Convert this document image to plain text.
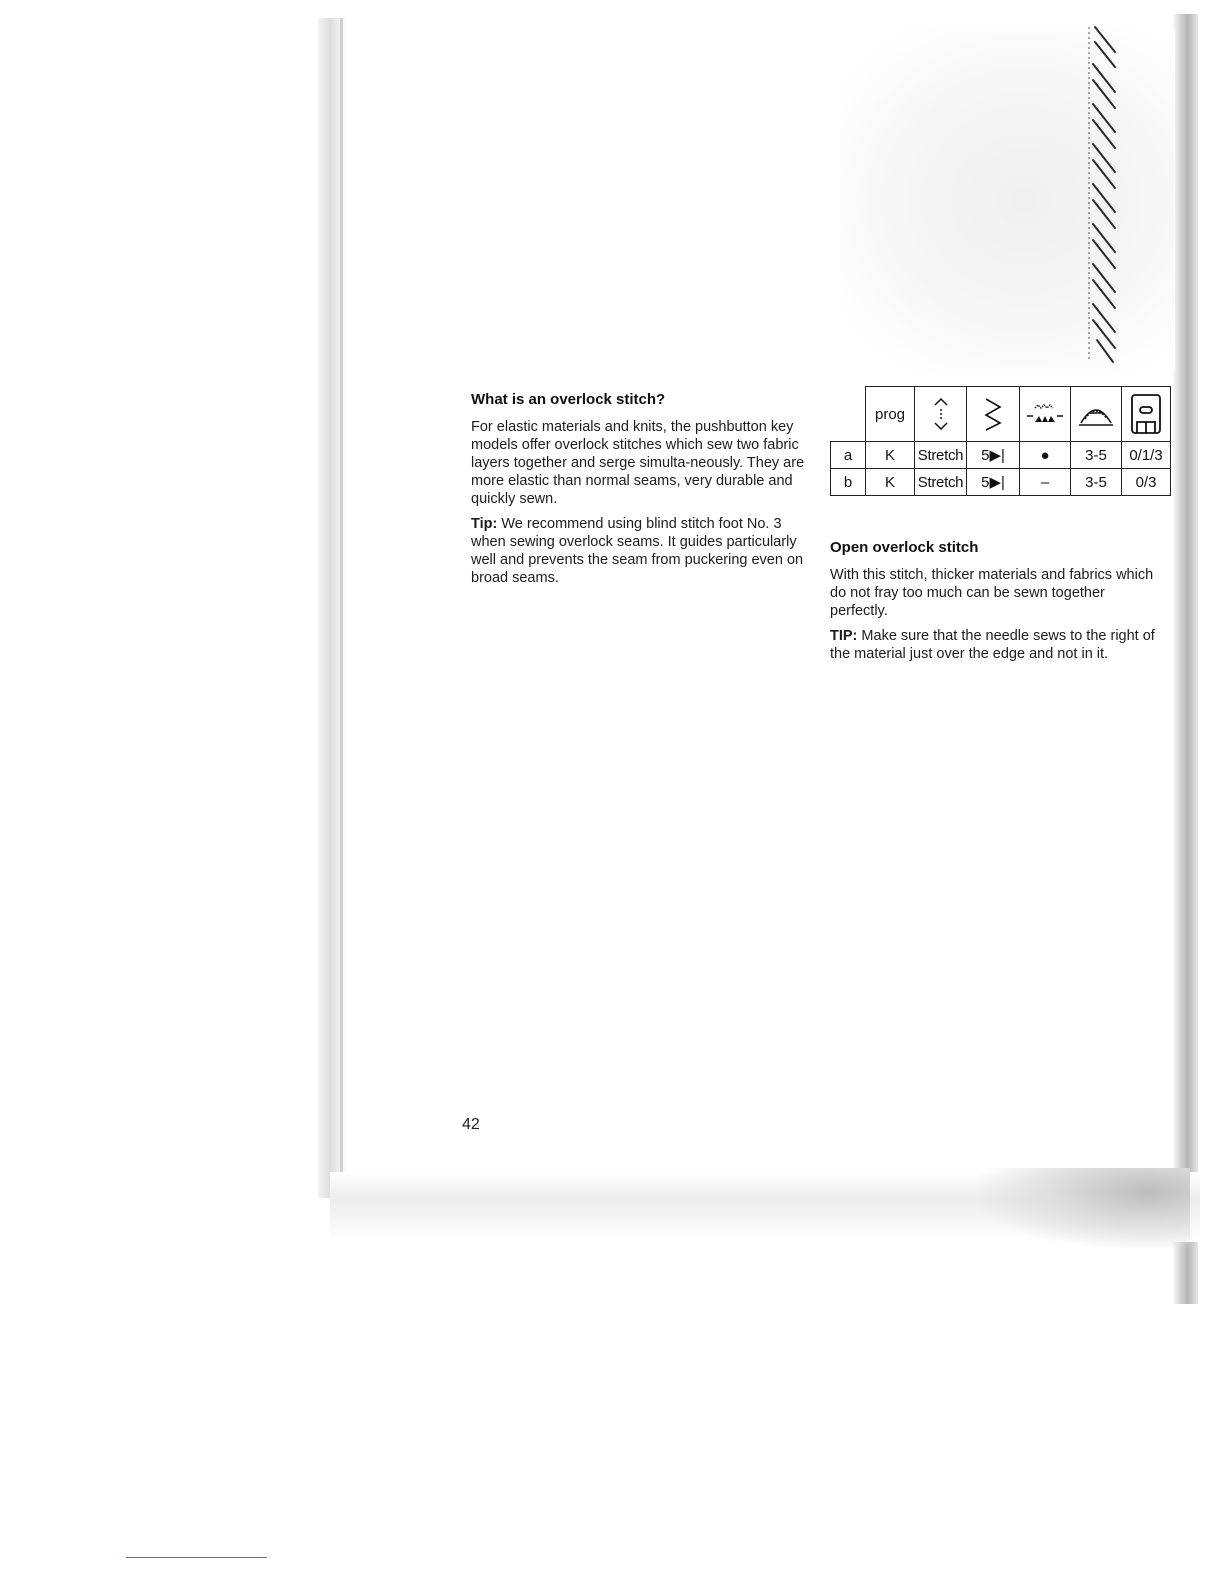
What is an overlock stitch?

For elastic materials and knits, the pushbutton key models offer overlock stitches which sew two fabric layers together and serge simulta-neously. They are more elastic than normal seams, very durable and quickly sewn.

Tip: We recommend using blind stitch foot No. 3 when sewing overlock seams. It guides particularly well and prevents the seam from puckering even on broad seams.

	prog					
a	K	Stretch	5▶|	●	3-5	0/1/3
b	K	Stretch	5▶|	–	3-5	0/3
Open overlock stitch

With this stitch, thicker materials and fabrics which do not fray too much can be sewn together perfectly.

TIP: Make sure that the needle sews to the right of the material just over the edge and not in it.

42
